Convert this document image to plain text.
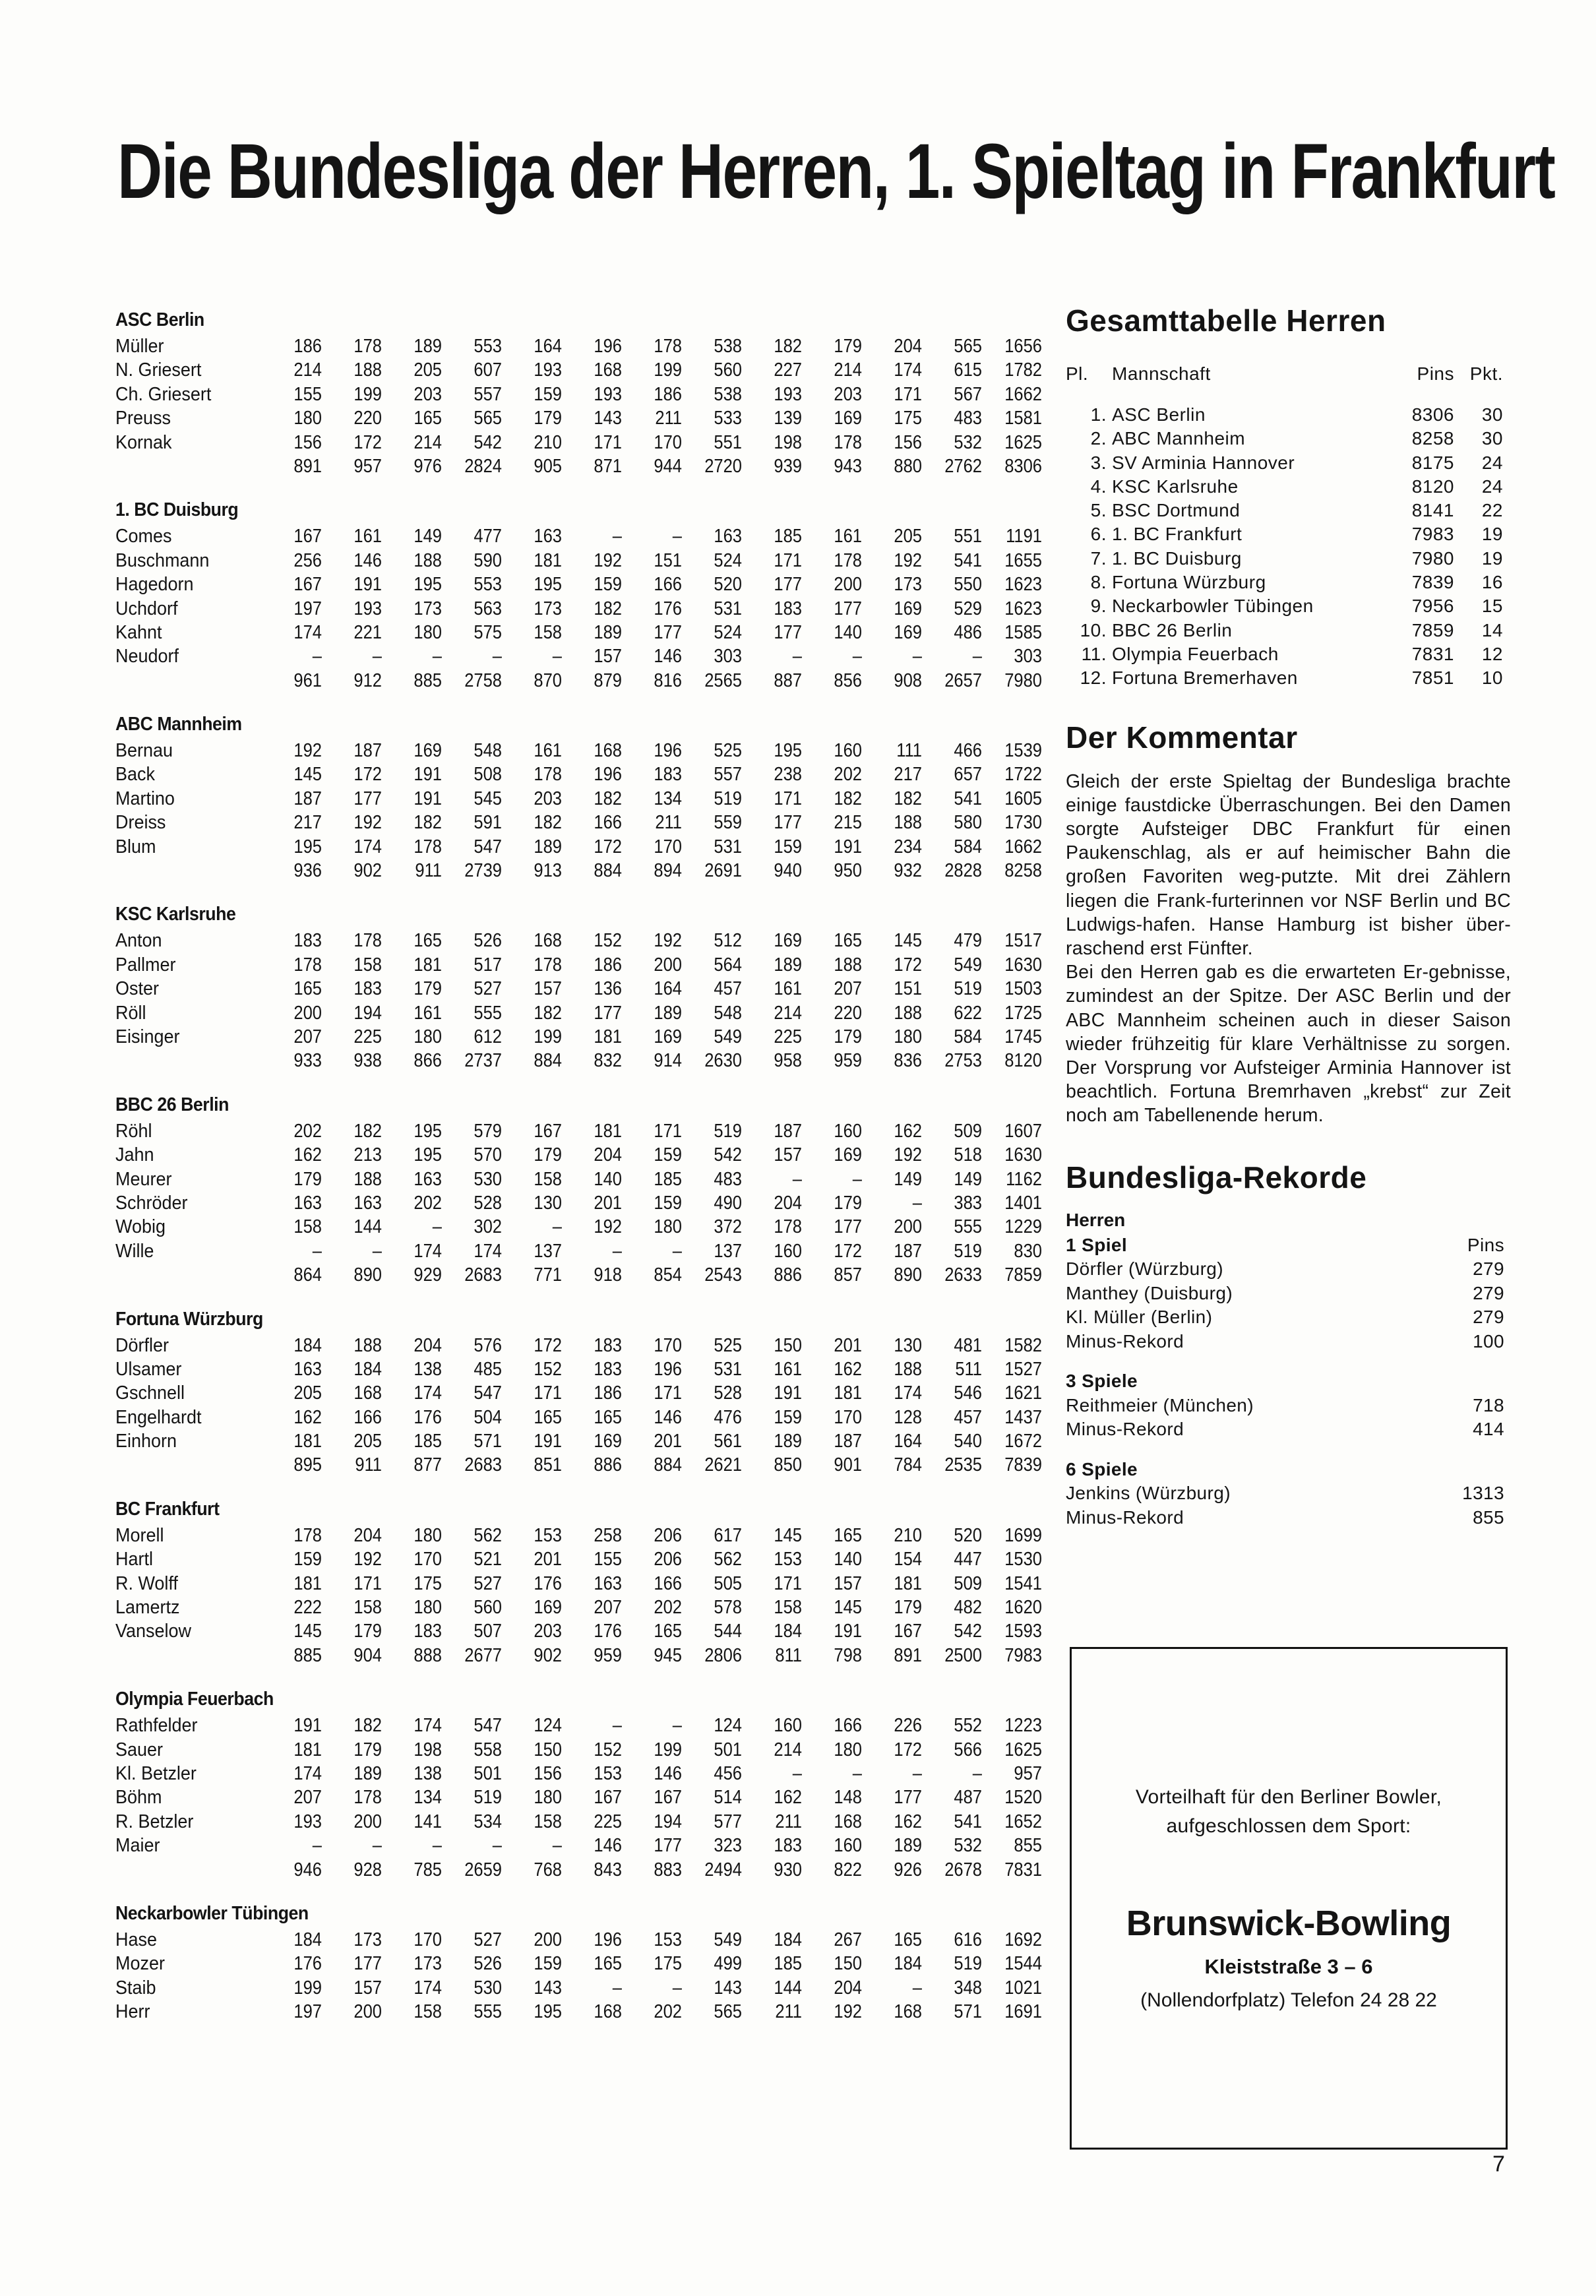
Die Bundesliga der Herren, 1. Spieltag in Frankfurt
ASC Berlin
Müller	186	178	189	553	164	196	178	538	182	179	204	565	1656
N. Griesert	214	188	205	607	193	168	199	560	227	214	174	615	1782
Ch. Griesert	155	199	203	557	159	193	186	538	193	203	171	567	1662
Preuss	180	220	165	565	179	143	211	533	139	169	175	483	1581
Kornak	156	172	214	542	210	171	170	551	198	178	156	532	1625
891	957	976	2824	905	871	944	2720	939	943	880	2762	8306
1. BC Duisburg
Comes	167	161	149	477	163	–	–	163	185	161	205	551	1191
Buschmann	256	146	188	590	181	192	151	524	171	178	192	541	1655
Hagedorn	167	191	195	553	195	159	166	520	177	200	173	550	1623
Uchdorf	197	193	173	563	173	182	176	531	183	177	169	529	1623
Kahnt	174	221	180	575	158	189	177	524	177	140	169	486	1585
Neudorf	–	–	–	–	–	157	146	303	–	–	–	–	303
961	912	885	2758	870	879	816	2565	887	856	908	2657	7980
ABC Mannheim
Bernau	192	187	169	548	161	168	196	525	195	160	111	466	1539
Back	145	172	191	508	178	196	183	557	238	202	217	657	1722
Martino	187	177	191	545	203	182	134	519	171	182	182	541	1605
Dreiss	217	192	182	591	182	166	211	559	177	215	188	580	1730
Blum	195	174	178	547	189	172	170	531	159	191	234	584	1662
936	902	911	2739	913	884	894	2691	940	950	932	2828	8258
KSC Karlsruhe
Anton	183	178	165	526	168	152	192	512	169	165	145	479	1517
Pallmer	178	158	181	517	178	186	200	564	189	188	172	549	1630
Oster	165	183	179	527	157	136	164	457	161	207	151	519	1503
Röll	200	194	161	555	182	177	189	548	214	220	188	622	1725
Eisinger	207	225	180	612	199	181	169	549	225	179	180	584	1745
933	938	866	2737	884	832	914	2630	958	959	836	2753	8120
BBC 26 Berlin
Röhl	202	182	195	579	167	181	171	519	187	160	162	509	1607
Jahn	162	213	195	570	179	204	159	542	157	169	192	518	1630
Meurer	179	188	163	530	158	140	185	483	–	–	149	149	1162
Schröder	163	163	202	528	130	201	159	490	204	179	–	383	1401
Wobig	158	144	–	302	–	192	180	372	178	177	200	555	1229
Wille	–	–	174	174	137	–	–	137	160	172	187	519	830
864	890	929	2683	771	918	854	2543	886	857	890	2633	7859
Fortuna Würzburg
Dörfler	184	188	204	576	172	183	170	525	150	201	130	481	1582
Ulsamer	163	184	138	485	152	183	196	531	161	162	188	511	1527
Gschnell	205	168	174	547	171	186	171	528	191	181	174	546	1621
Engelhardt	162	166	176	504	165	165	146	476	159	170	128	457	1437
Einhorn	181	205	185	571	191	169	201	561	189	187	164	540	1672
895	911	877	2683	851	886	884	2621	850	901	784	2535	7839
BC Frankfurt
Morell	178	204	180	562	153	258	206	617	145	165	210	520	1699
Hartl	159	192	170	521	201	155	206	562	153	140	154	447	1530
R. Wolff	181	171	175	527	176	163	166	505	171	157	181	509	1541
Lamertz	222	158	180	560	169	207	202	578	158	145	179	482	1620
Vanselow	145	179	183	507	203	176	165	544	184	191	167	542	1593
885	904	888	2677	902	959	945	2806	811	798	891	2500	7983
Olympia Feuerbach
Rathfelder	191	182	174	547	124	–	–	124	160	166	226	552	1223
Sauer	181	179	198	558	150	152	199	501	214	180	172	566	1625
Kl. Betzler	174	189	138	501	156	153	146	456	–	–	–	–	957
Böhm	207	178	134	519	180	167	167	514	162	148	177	487	1520
R. Betzler	193	200	141	534	158	225	194	577	211	168	162	541	1652
Maier	–	–	–	–	–	146	177	323	183	160	189	532	855
946	928	785	2659	768	843	883	2494	930	822	926	2678	7831
Neckarbowler Tübingen
Hase	184	173	170	527	200	196	153	549	184	267	165	616	1692
Mozer	176	177	173	526	159	165	175	499	185	150	184	519	1544
Staib	199	157	174	530	143	–	–	143	144	204	–	348	1021
Herr	197	200	158	555	195	168	202	565	211	192	168	571	1691
Gesamttabelle Herren
Pl.	Mannschaft	Pins Pkt.
1. ASC Berlin	8306	30
2. ABC Mannheim	8258	30
3. SV Arminia Hannover	8175	24
4. KSC Karlsruhe	8120	24
5. BSC Dortmund	8141	22
6. 1. BC Frankfurt	7983	19
7. 1. BC Duisburg	7980	19
8. Fortuna Würzburg	7839	16
9. Neckarbowler Tübingen	7956	15
10. BBC 26 Berlin	7859	14
11. Olympia Feuerbach	7831	12
12. Fortuna Bremerhaven	7851	10
Der Kommentar

Gleich der erste Spieltag der Bundesliga brachte einige faustdicke Überraschungen. Bei den Damen sorgte Aufsteiger DBC Frankfurt für einen Paukenschlag, als er auf heimischer Bahn die großen Favoriten weg-putzte. Mit drei Zählern liegen die Frank-furterinnen vor NSF Berlin und BC Ludwigs-hafen. Hanse Hamburg ist bisher über-raschend erst Fünfter.

Bei den Herren gab es die erwarteten Er-gebnisse, zumindest an der Spitze. Der ASC Berlin und der ABC Mannheim scheinen auch in dieser Saison wieder frühzeitig für klare Verhältnisse zu sorgen. Der Vorsprung vor Aufsteiger Arminia Hannover ist beachtlich. Fortuna Bremrhaven „krebst“ zur Zeit noch am Tabellenende herum.

Bundesliga-Rekorde
Herren
1 Spiel	Pins
Dörfler (Würzburg)	279
Manthey (Duisburg)	279
Kl. Müller (Berlin)	279
Minus-Rekord	100
3 Spiele
Reithmeier (München)	718
Minus-Rekord	414
6 Spiele
Jenkins (Würzburg)	1313
Minus-Rekord	855
Vorteilhaft für den Berliner Bowler,
aufgeschlossen dem Sport:
Brunswick-Bowling
Kleiststraße 3 – 6
(Nollendorfplatz) Telefon 24 28 22
7
